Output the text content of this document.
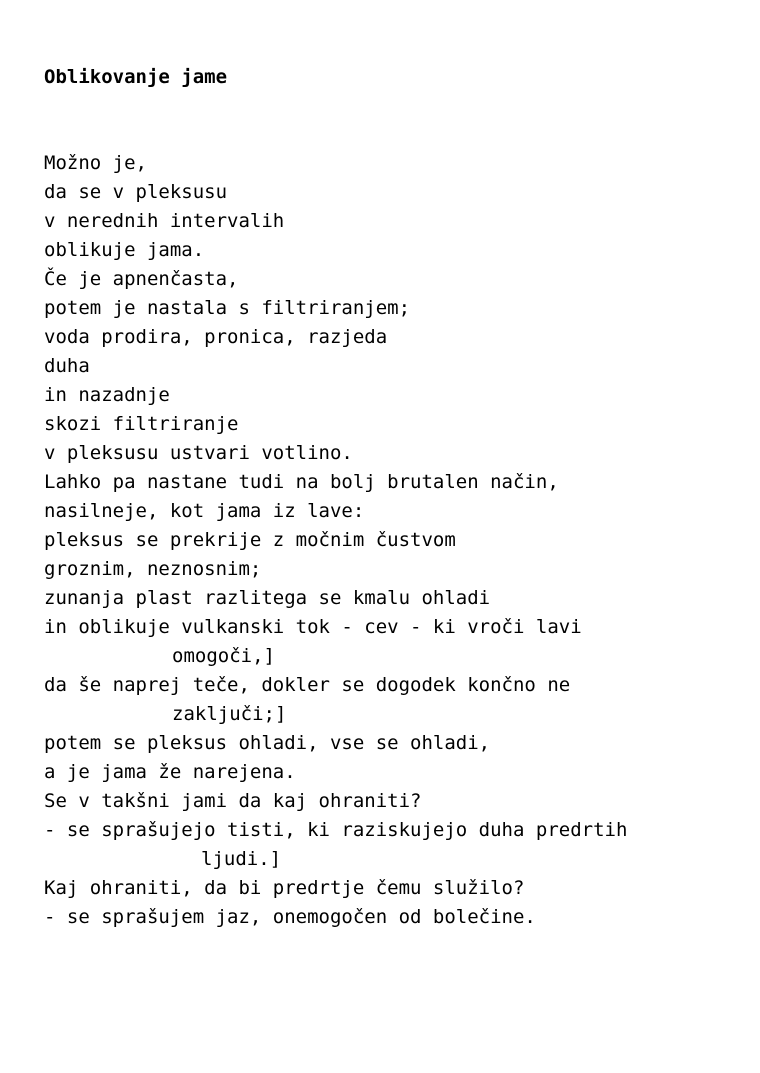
Oblikovanje jame
Možno je,
da se v pleksusu
v nerednih intervalih
oblikuje jama.
Če je apnenčasta,
potem je nastala s filtriranjem;
voda prodira, pronica, razjeda
duha
in nazadnje
skozi filtriranje
v pleksusu ustvari votlino.
Lahko pa nastane tudi na bolj brutalen način,
nasilneje, kot jama iz lave:
pleksus se prekrije z močnim čustvom
groznim, neznosnim;
zunanja plast razlitega se kmalu ohladi
in oblikuje vulkanski tok - cev - ki vroči lavi
omogoči,]
da še naprej teče, dokler se dogodek končno ne
zaključi;]
potem se pleksus ohladi, vse se ohladi,
a je jama že narejena.
Se v takšni jami da kaj ohraniti?
- se sprašujejo tisti, ki raziskujejo duha predrtih
ljudi.]
Kaj ohraniti, da bi predrtje čemu služilo?
- se sprašujem jaz, onemogočen od bolečine.
